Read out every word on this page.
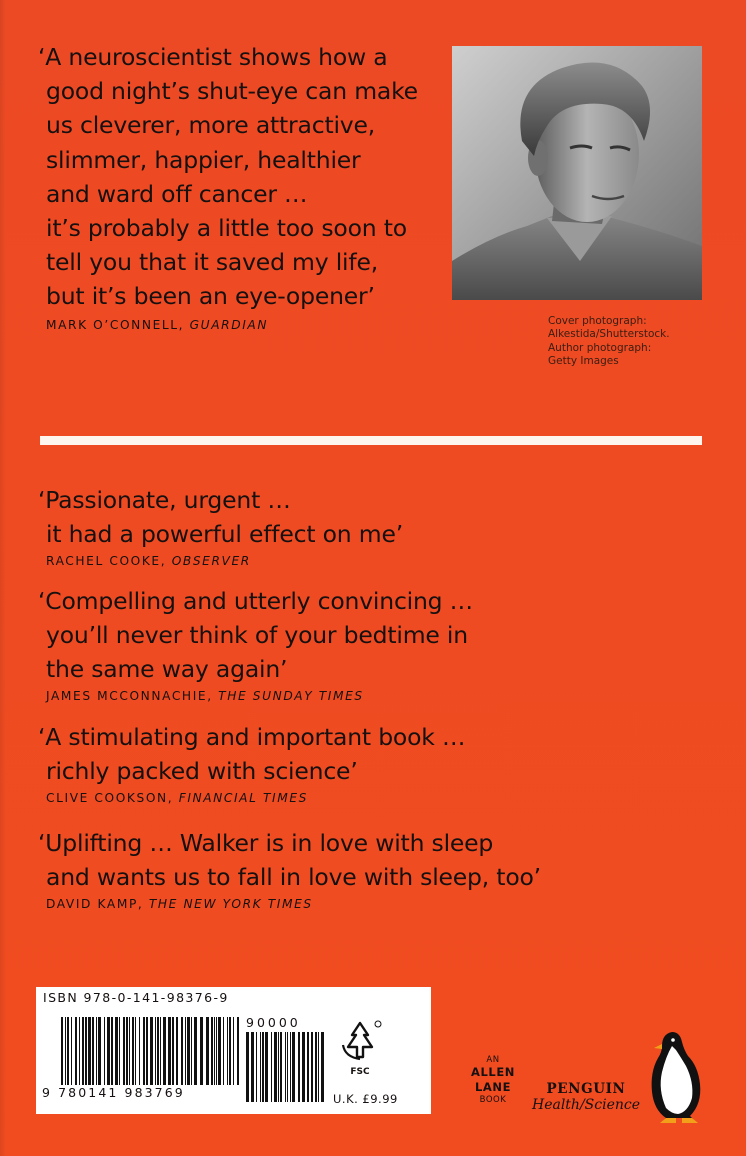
‘A neuroscientist shows how a
good night’s shut-eye can make
us cleverer, more attractive,
slimmer, happier, healthier
and ward off cancer …
it’s probably a little too soon to
tell you that it saved my life,
but it’s been an eye-opener’
MARK O’CONNELL, GUARDIAN	Cover photograph:
Alkestida/Shutterstock.
Author photograph:
Getty Images
‘Passionate, urgent …
it had a powerful effect on me’
RACHEL COOKE, OBSERVER
‘Compelling and utterly convincing …
you’ll never think of your bedtime in
the same way again’
JAMES MCCONNACHIE, THE SUNDAY TIMES
‘A stimulating and important book …
richly packed with science’
CLIVE COOKSON, FINANCIAL TIMES
‘Uplifting … Walker is in love with sleep
and wants us to fall in love with sleep, too’
DAVID KAMP, THE NEW YORK TIMES
ISBN 978-0-141-98376-9
9 780141 983769
90000
FSC
U.K. £9.99
AN
ALLEN
LANE
BOOK
PENGUIN
Health/Science
